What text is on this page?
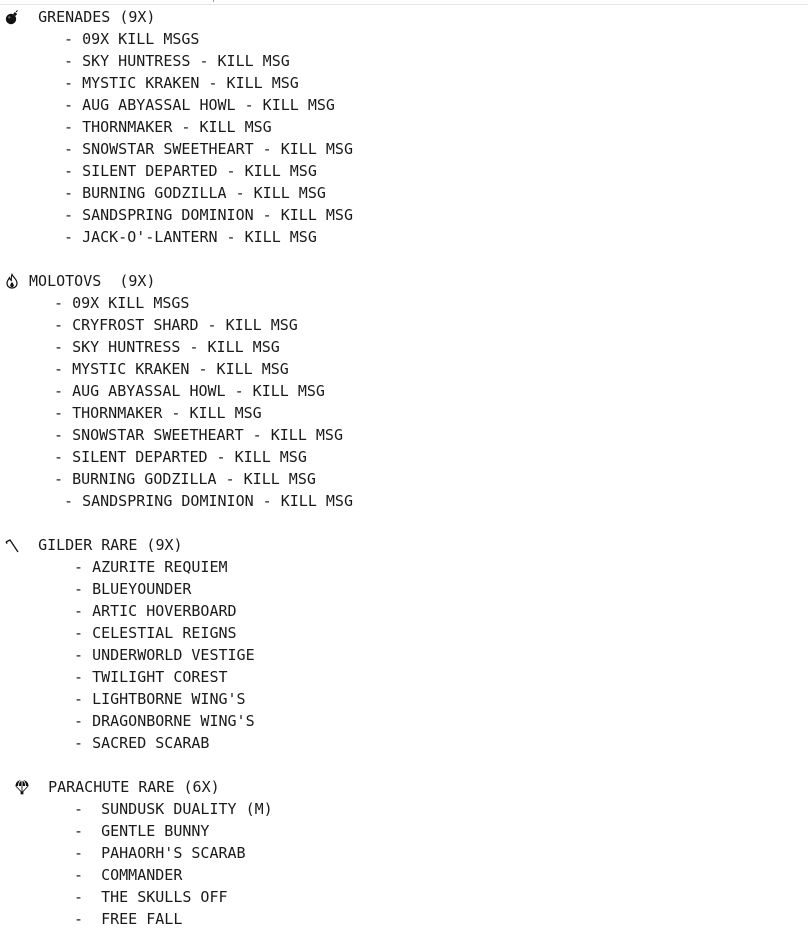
GRENADES (9X)
- 09X KILL MSGS
- SKY HUNTRESS - KILL MSG
- MYSTIC KRAKEN - KILL MSG
- AUG ABYASSAL HOWL - KILL MSG
- THORNMAKER - KILL MSG
- SNOWSTAR SWEETHEART - KILL MSG
- SILENT DEPARTED - KILL MSG
- BURNING GODZILLA - KILL MSG
- SANDSPRING DOMINION - KILL MSG
- JACK-O'-LANTERN - KILL MSG
MOLOTOVS  (9X)
- 09X KILL MSGS
- CRYFROST SHARD - KILL MSG
- SKY HUNTRESS - KILL MSG
- MYSTIC KRAKEN - KILL MSG
- AUG ABYASSAL HOWL - KILL MSG
- THORNMAKER - KILL MSG
- SNOWSTAR SWEETHEART - KILL MSG
- SILENT DEPARTED - KILL MSG
- BURNING GODZILLA - KILL MSG
- SANDSPRING DOMINION - KILL MSG
GILDER RARE (9X)
- AZURITE REQUIEM
- BLUEYOUNDER
- ARTIC HOVERBOARD
- CELESTIAL REIGNS
- UNDERWORLD VESTIGE
- TWILIGHT COREST
- LIGHTBORNE WING'S
- DRAGONBORNE WING'S
- SACRED SCARAB
PARACHUTE RARE (6X)
-  SUNDUSK DUALITY (M)
-  GENTLE BUNNY
-  PAHAORH'S SCARAB
-  COMMANDER
-  THE SKULLS OFF
-  FREE FALL
